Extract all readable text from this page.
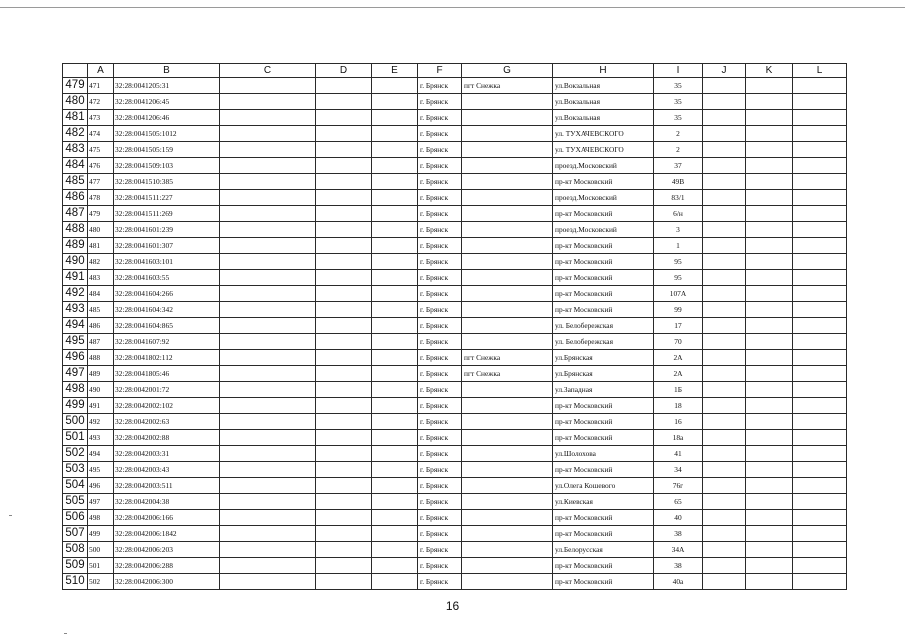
	A	B	C	D	E	F	G	H	I	J	K	L
479	471	32:28:0041205:31				г. Брянск	пгт Снежка	ул.Вокзальная	35			
480	472	32:28:0041206:45				г. Брянск		ул.Вокзальная	35			
481	473	32:28:0041206:46				г. Брянск		ул.Вокзальная	35			
482	474	32:28:0041505:1012				г. Брянск		ул. ТУХАЧЕВСКОГО	2			
483	475	32:28:0041505:159				г. Брянск		ул. ТУХАЧЕВСКОГО	2			
484	476	32:28:0041509:103				г. Брянск		проезд.Московский	37			
485	477	32:28:0041510:385				г. Брянск		пр-кт Московский	49В			
486	478	32:28:0041511:227				г. Брянск		проезд.Московский	83/1			
487	479	32:28:0041511:269				г. Брянск		пр-кт Московский	6/н			
488	480	32:28:0041601:239				г. Брянск		проезд.Московский	3			
489	481	32:28:0041601:307				г. Брянск		пр-кт Московский	1			
490	482	32:28:0041603:101				г. Брянск		пр-кт Московский	95			
491	483	32:28:0041603:55				г. Брянск		пр-кт Московский	95			
492	484	32:28:0041604:266				г. Брянск		пр-кт Московский	107А			
493	485	32:28:0041604:342				г. Брянск		пр-кт Московский	99			
494	486	32:28:0041604:865				г. Брянск		ул. Белобережская	17			
495	487	32:28:0041607:92				г. Брянск		ул. Белобережская	70			
496	488	32:28:0041802:112				г. Брянск	пгт Снежка	ул.Брянская	2А			
497	489	32:28:0041805:46				г. Брянск	пгт Снежка	ул.Брянская	2А			
498	490	32:28:0042001:72				г. Брянск		ул.Западная	1Б			
499	491	32:28:0042002:102				г. Брянск		пр-кт Московский	18			
500	492	32:28:0042002:63				г. Брянск		пр-кт Московский	16			
501	493	32:28:0042002:88				г. Брянск		пр-кт Московский	18а			
502	494	32:28:0042003:31				г. Брянск		ул.Шолохова	41			
503	495	32:28:0042003:43				г. Брянск		пр-кт Московский	34			
504	496	32:28:0042003:511				г. Брянск		ул.Олега Кошевого	76г			
505	497	32:28:0042004:38				г. Брянск		ул.Киевская	65			
506	498	32:28:0042006:166				г. Брянск		пр-кт Московский	40			
507	499	32:28:0042006:1842				г. Брянск		пр-кт Московский	38			
508	500	32:28:0042006:203				г. Брянск		ул.Белорусская	34А			
509	501	32:28:0042006:288				г. Брянск		пр-кт Московский	38			
510	502	32:28:0042006:300				г. Брянск		пр-кт Московский	40а			
16
